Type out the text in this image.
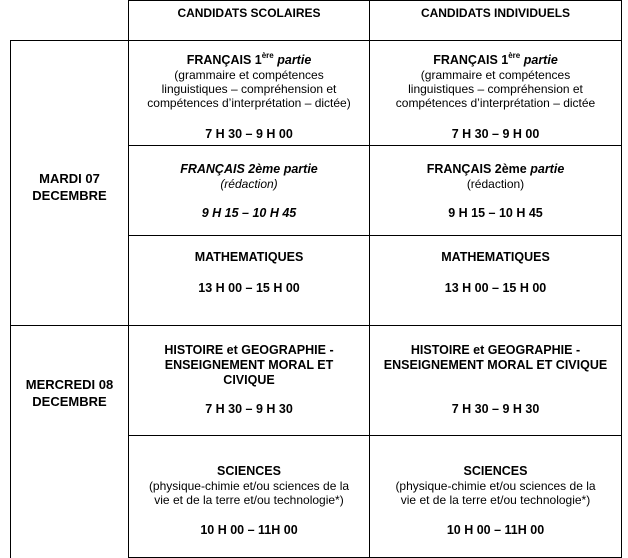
CANDIDATS SCOLAIRES	CANDIDATS INDIVIDUELS
MARDI 07
DECEMBRE
MERCREDI 08
DECEMBRE
FRANÇAIS 1ère partie
(grammaire et compétences
linguistiques – compréhension et
compétences d’interprétation – dictée)
7 H 30 – 9 H 00
FRANÇAIS 1ère partie
(grammaire et compétences
linguistiques – compréhension et
compétences d’interprétation – dictée
7 H 30 – 9 H 00
FRANÇAIS 2ème partie
(rédaction)
9 H 15 – 10 H 45
FRANÇAIS 2ème partie
(rédaction)
9 H 15 – 10 H 45
MATHEMATIQUES
13 H 00 – 15 H 00
MATHEMATIQUES
13 H 00 – 15 H 00
HISTOIRE et GEOGRAPHIE -
ENSEIGNEMENT MORAL ET
CIVIQUE
7 H 30 – 9 H 30
HISTOIRE et GEOGRAPHIE -
ENSEIGNEMENT MORAL ET CIVIQUE
7 H 30 – 9 H 30
SCIENCES
(physique-chimie et/ou sciences de la
vie et de la terre et/ou technologie*)
10 H 00 – 11H 00
SCIENCES
(physique-chimie et/ou sciences de la
vie et de la terre et/ou technologie*)
10 H 00 – 11H 00
